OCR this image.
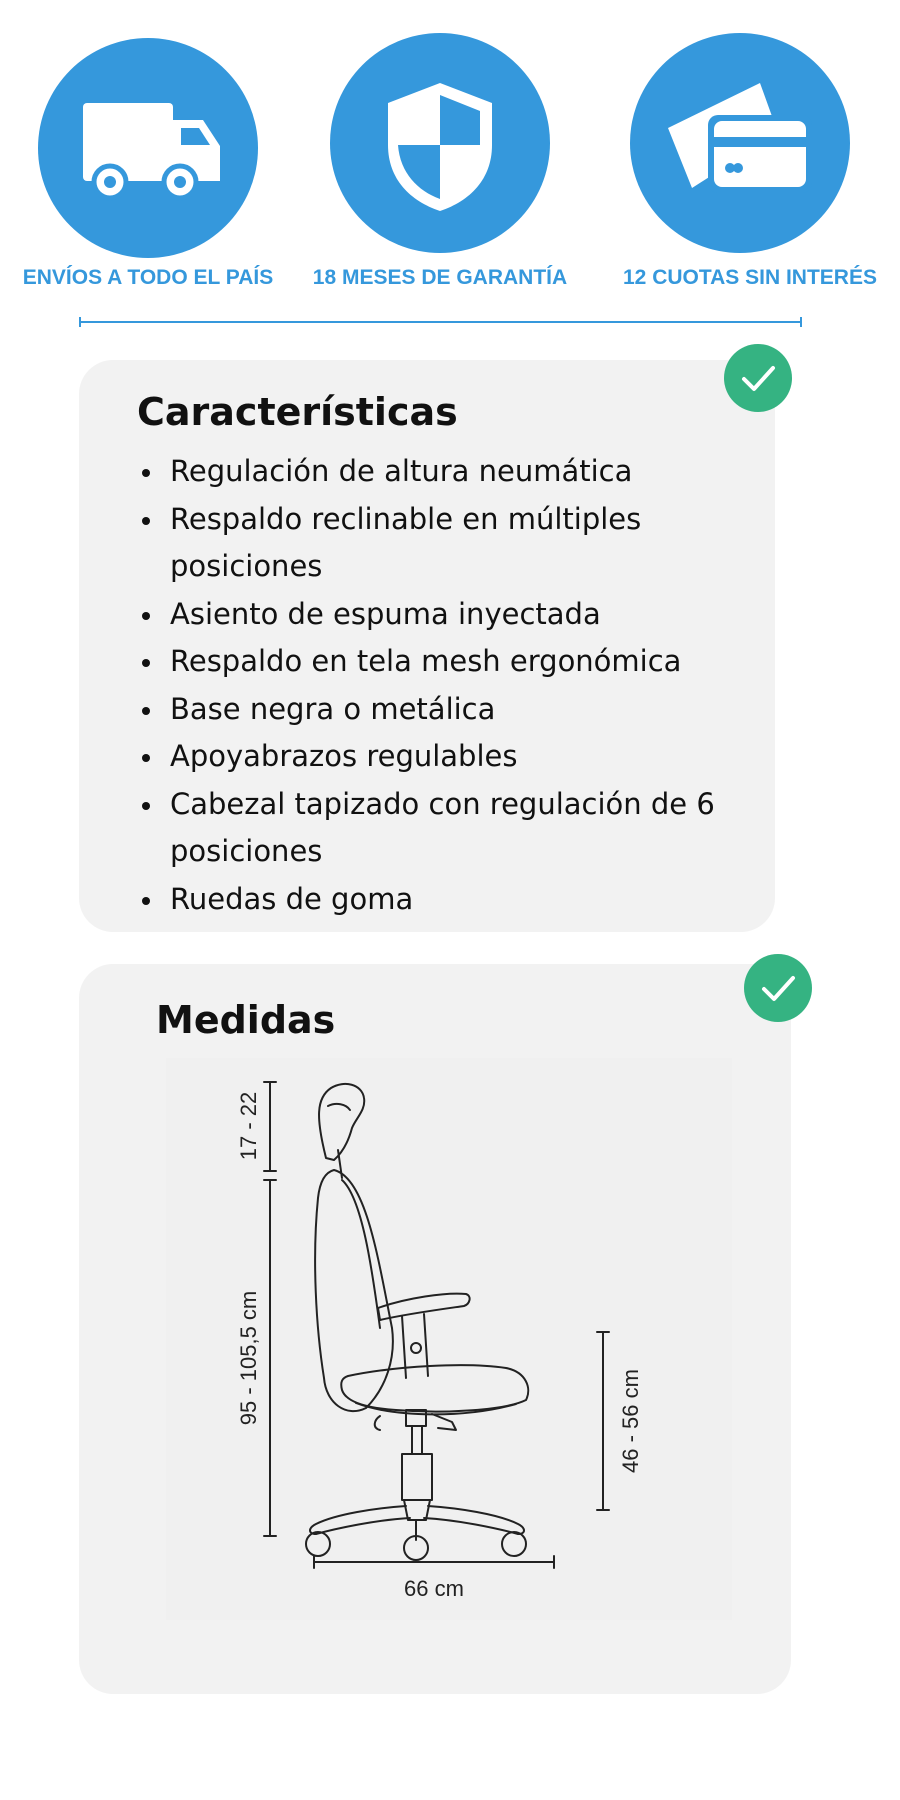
ENVÍOS A TODO EL PAÍS 18 MESES DE GARANTÍA	12 CUOTAS SIN INTERÉS
Características
Regulación de altura neumática
Respaldo reclinable en múltiples posiciones
Asiento de espuma inyectada
Respaldo en tela mesh ergonómica
Base negra o metálica
Apoyabrazos regulables
Cabezal tapizado con regulación de 6 posiciones
Ruedas de goma
Medidas
17 - 22
95 - 105,5 cm	46 - 56 cm
66 cm
